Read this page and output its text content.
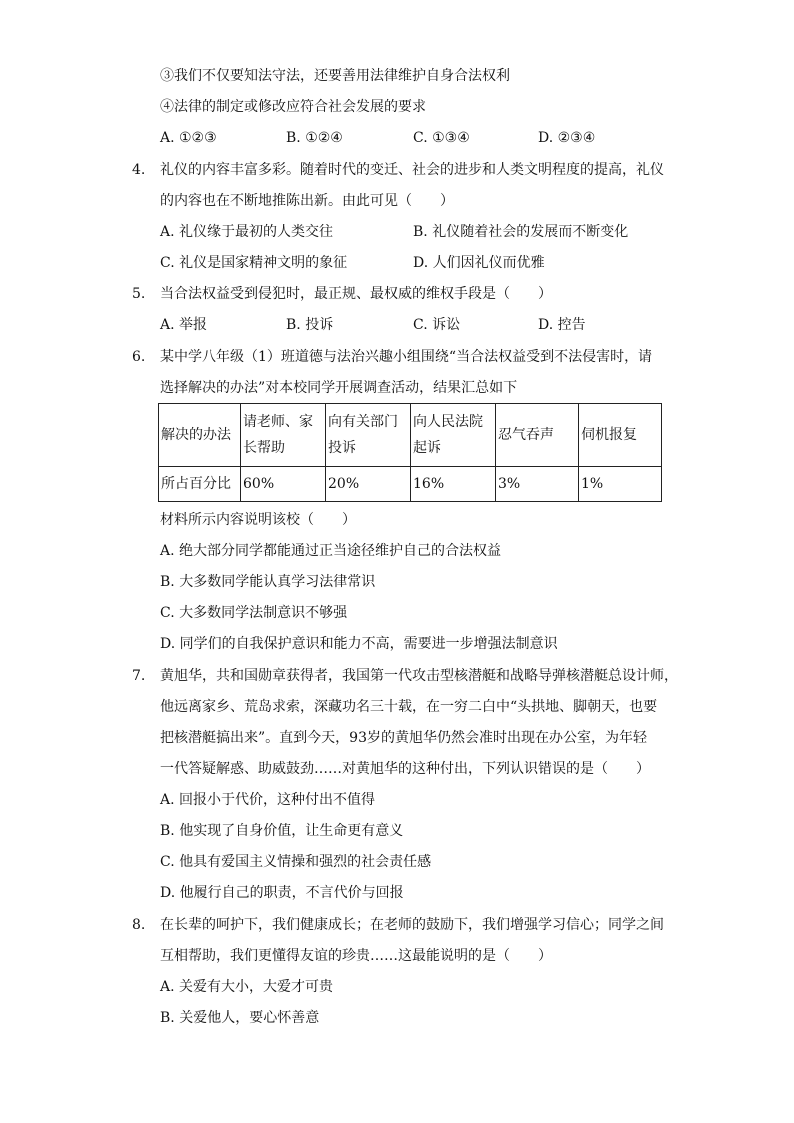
③我们不仅要知法守法，还要善用法律维护自身合法权利
④法律的制定或修改应符合社会发展的要求
A. ①②③	B. ①②④	C. ①③④	D. ②③④
4. 礼仪的内容丰富多彩。随着时代的变迁、社会的进步和人类文明程度的提高，礼仪
的内容也在不断地推陈出新。由此可见（　　）
A. 礼仪缘于最初的人类交往	B. 礼仪随着社会的发展而不断变化
C. 礼仪是国家精神文明的象征	D. 人们因礼仪而优雅
5. 当合法权益受到侵犯时，最正规、最权威的维权手段是（　　）
A. 举报	B. 投诉	C. 诉讼	D. 控告
6. 某中学八年级（1）班道德与法治兴趣小组围绕“当合法权益受到不法侵害时，请
选择解决的办法”对本校同学开展调查活动，结果汇总如下
解决的办法	请老师、家长帮助	向有关部门投诉	向人民法院起诉	忍气吞声	伺机报复
所占百分比	60%	20%	16%	3%	1%
材料所示内容说明该校（　　）
A. 绝大部分同学都能通过正当途径维护自己的合法权益
B. 大多数同学能认真学习法律常识
C. 大多数同学法制意识不够强
D. 同学们的自我保护意识和能力不高，需要进一步增强法制意识
7. 黄旭华，共和国勋章获得者，我国第一代攻击型核潜艇和战略导弹核潜艇总设计师，
他远离家乡、荒岛求索，深藏功名三十载，在一穷二白中“头拱地、脚朝天，也要
把核潜艇搞出来”。直到今天，93岁的黄旭华仍然会准时出现在办公室，为年轻
一代答疑解惑、助威鼓劲……对黄旭华的这种付出，下列认识错误的是（　　）
A. 回报小于代价，这种付出不值得
B. 他实现了自身价值，让生命更有意义
C. 他具有爱国主义情操和强烈的社会责任感
D. 他履行自己的职责，不言代价与回报
8. 在长辈的呵护下，我们健康成长；在老师的鼓励下，我们增强学习信心；同学之间
互相帮助，我们更懂得友谊的珍贵……这最能说明的是（　　）
A. 关爱有大小，大爱才可贵
B. 关爱他人，要心怀善意
